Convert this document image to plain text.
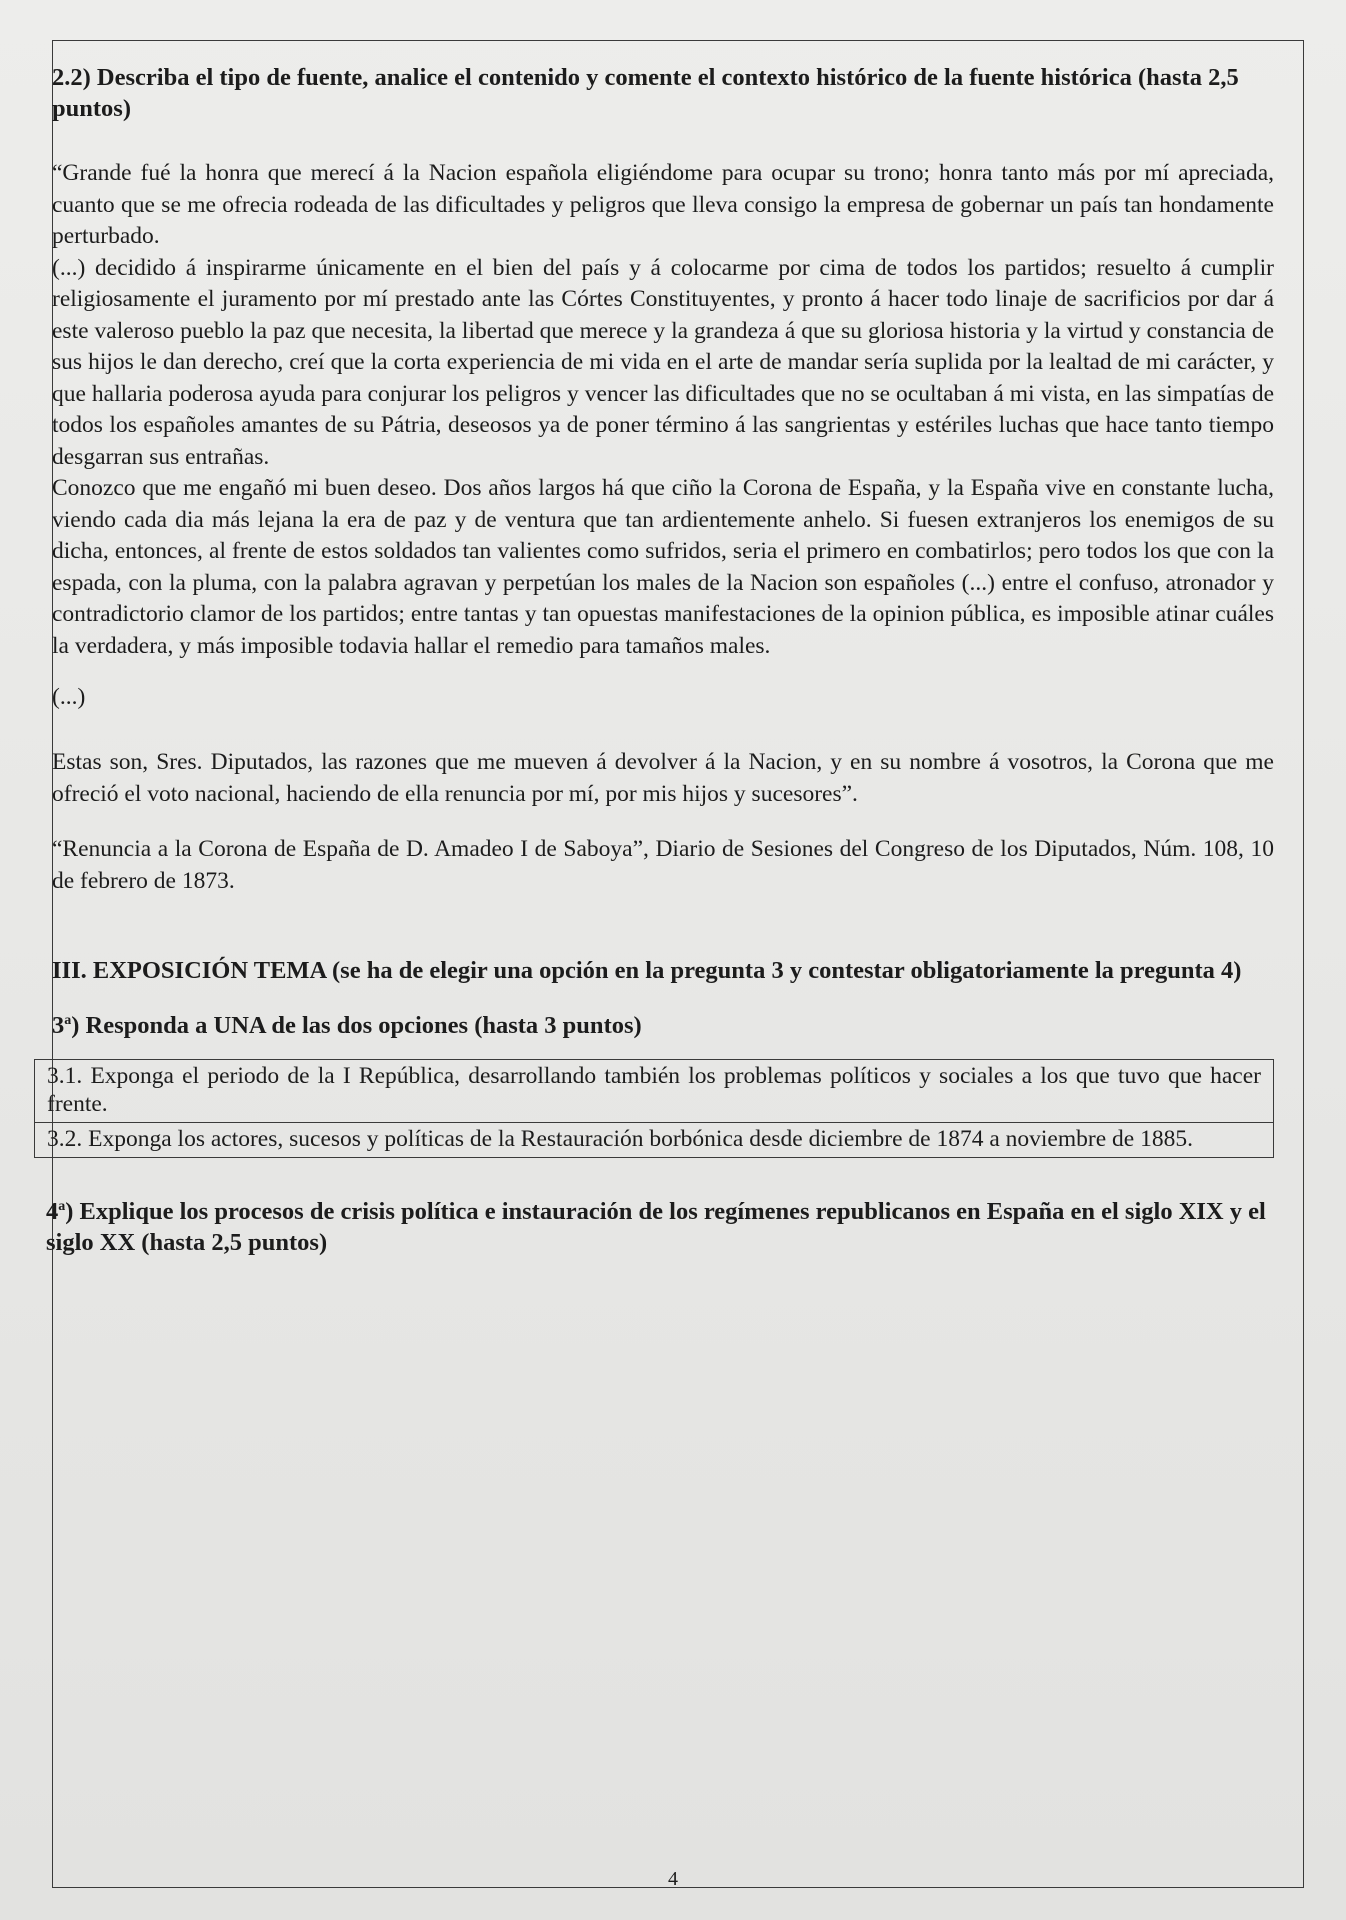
2.2) Describa el tipo de fuente, analice el contenido y comente el contexto histórico de la fuente histórica (hasta 2,5 puntos)

“Grande fué la honra que merecí á la Nacion española eligiéndome para ocupar su trono; honra tanto más por mí apreciada, cuanto que se me ofrecia rodeada de las dificultades y peligros que lleva consigo la empresa de gobernar un país tan hondamente perturbado.

(...) decidido á inspirarme únicamente en el bien del país y á colocarme por cima de todos los partidos; resuelto á cumplir religiosamente el juramento por mí prestado ante las Córtes Constituyentes, y pronto á hacer todo linaje de sacrificios por dar á este valeroso pueblo la paz que necesita, la libertad que merece y la grandeza á que su gloriosa historia y la virtud y constancia de sus hijos le dan derecho, creí que la corta experiencia de mi vida en el arte de mandar sería suplida por la lealtad de mi carácter, y que hallaria poderosa ayuda para conjurar los peligros y vencer las dificultades que no se ocultaban á mi vista, en las simpatías de todos los españoles amantes de su Pátria, deseosos ya de poner término á las sangrientas y estériles luchas que hace tanto tiempo desgarran sus entrañas.

Conozco que me engañó mi buen deseo. Dos años largos há que ciño la Corona de España, y la España vive en constante lucha, viendo cada dia más lejana la era de paz y de ventura que tan ardientemente anhelo. Si fuesen extranjeros los enemigos de su dicha, entonces, al frente de estos soldados tan valientes como sufridos, seria el primero en combatirlos; pero todos los que con la espada, con la pluma, con la palabra agravan y perpetúan los males de la Nacion son españoles (...) entre el confuso, atronador y contradictorio clamor de los partidos; entre tantas y tan opuestas manifestaciones de la opinion pública, es imposible atinar cuáles la verdadera, y más imposible todavia hallar el remedio para tamaños males.

(...)

Estas son, Sres. Diputados, las razones que me mueven á devolver á la Nacion, y en su nombre á vosotros, la Corona que me ofreció el voto nacional, haciendo de ella renuncia por mí, por mis hijos y sucesores”.

“Renuncia a la Corona de España de D. Amadeo I de Saboya”, Diario de Sesiones del Congreso de los Diputados, Núm. 108, 10 de febrero de 1873.

III. EXPOSICIÓN TEMA (se ha de elegir una opción en la pregunta 3 y contestar obligatoriamente la pregunta 4)

3$^a$) Responda a UNA de las dos opciones (hasta 3 puntos)

3.1. Exponga el periodo de la I República, desarrollando también los problemas políticos y sociales a los que tuvo que hacer frente.
3.2. Exponga los actores, sucesos y políticas de la Restauración borbónica desde diciembre de 1874 a noviembre de 1885.

4$^a$) Explique los procesos de crisis política e instauración de los regímenes republicanos en España en el siglo XIX y el siglo XX (hasta 2,5 puntos)

4
